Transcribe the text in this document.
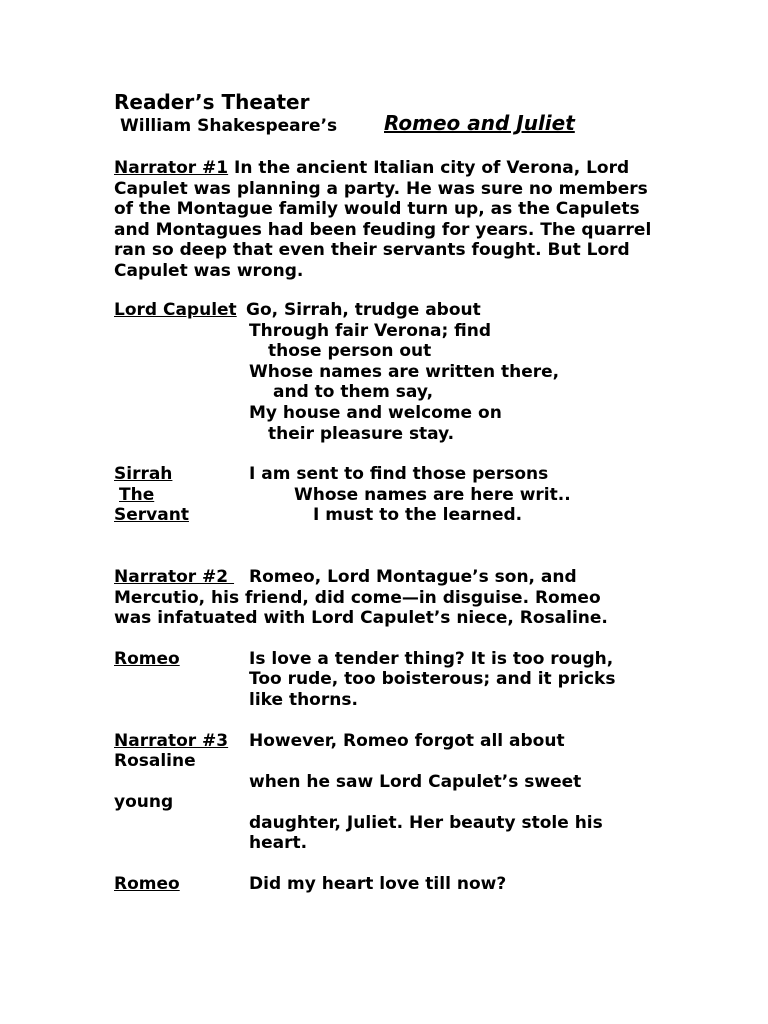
Reader’s Theater
William Shakespeare’s Romeo and Juliet
Narrator #1 In the ancient Italian city of Verona, Lord Capulet was planning a party. He was sure no members of the Montague family would turn up, as the Capulets and Montagues had been feuding for years. The quarrel ran so deep that even their servants fought. But Lord Capulet was wrong.
Lord Capulet Go, Sirrah, trudge about
Through fair Verona; find
those person out
Whose names are written there,
and to them say,
My house and welcome on
their pleasure stay.
Sirrah
The
Servant
I am sent to find those persons
Whose names are here writ..
I must to the learned.
Narrator #2 Romeo, Lord Montague’s son, and
Mercutio, his friend, did come—in disguise. Romeo
was infatuated with Lord Capulet’s niece, Rosaline.
Romeo	Is love a tender thing? It is too rough,
Too rude, too boisterous; and it pricks
like thorns.
Narrator #3 However, Romeo forgot all about
Rosaline
when he saw Lord Capulet’s sweet
young
daughter, Juliet. Her beauty stole his
heart.
Romeo	Did my heart love till now?
